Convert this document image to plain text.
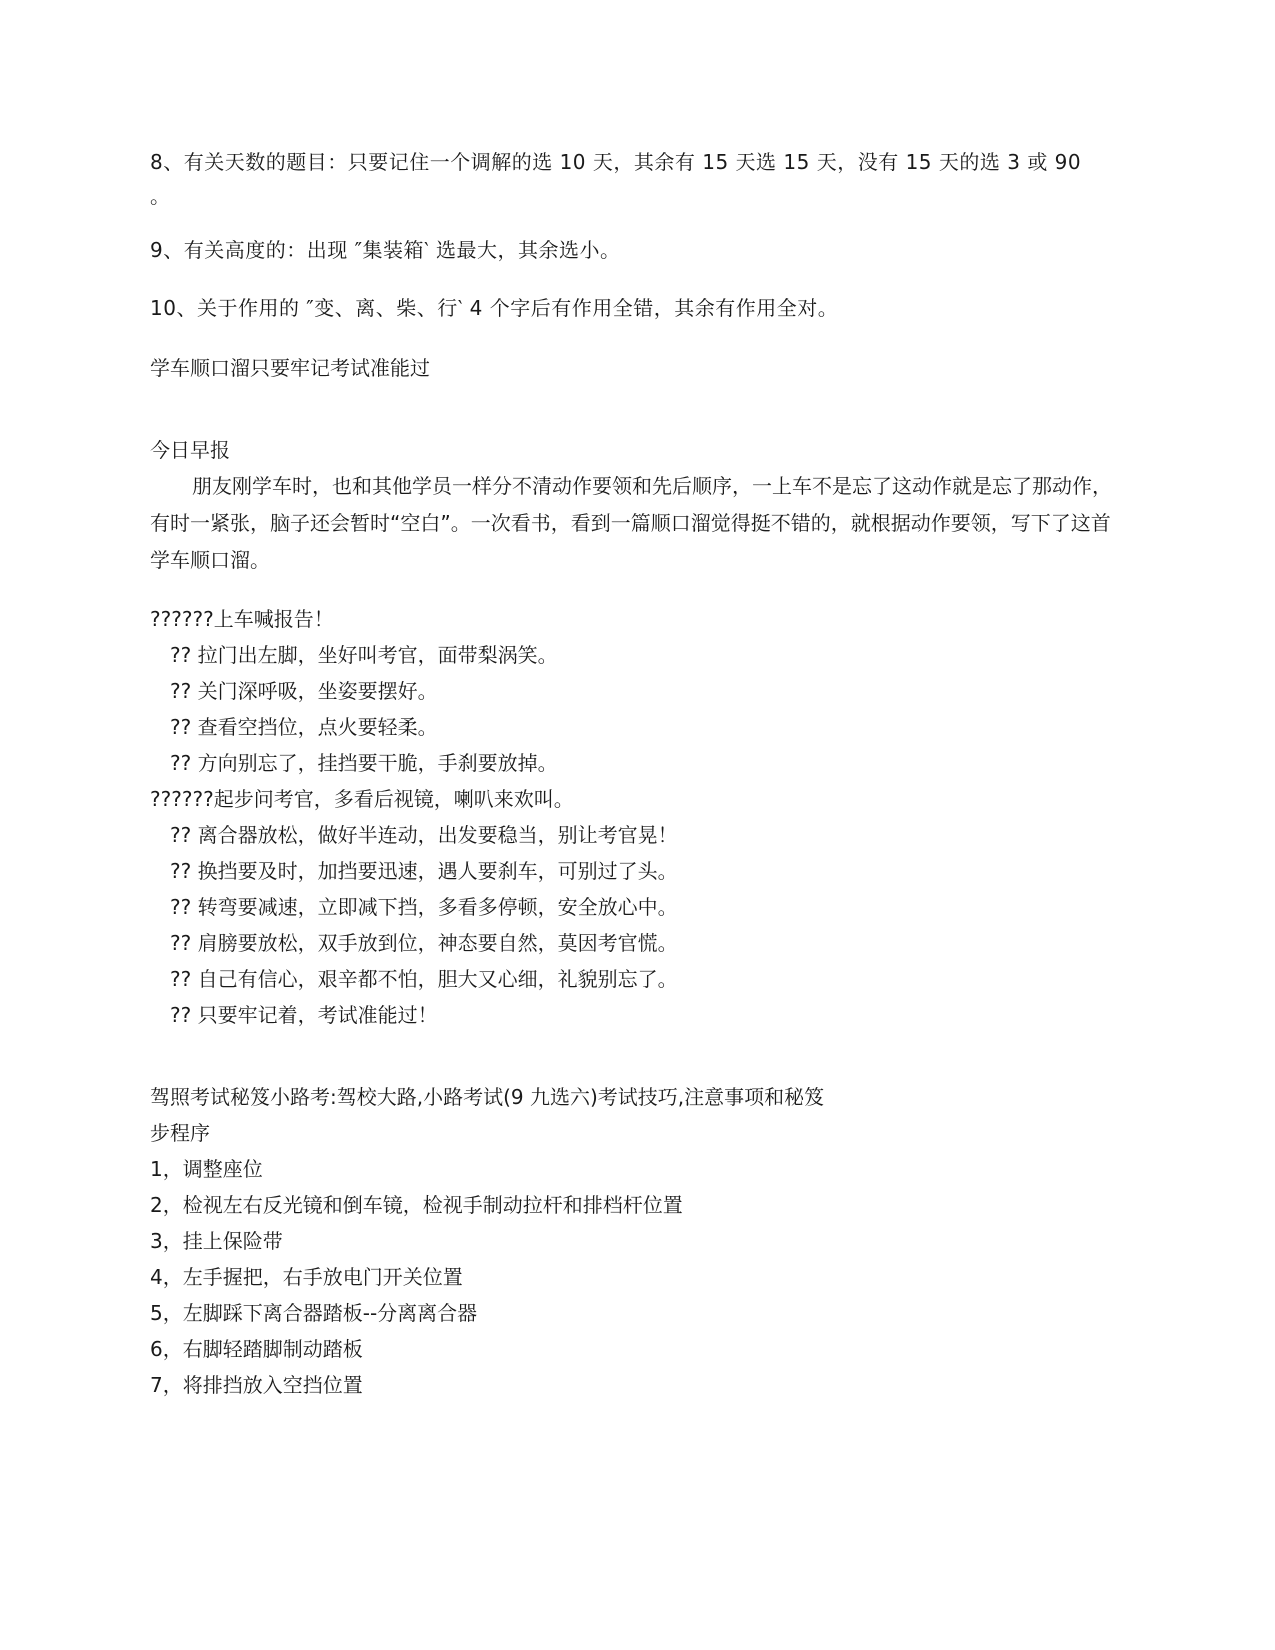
8、有关天数的题目：只要记住一个调解的选 10 天，其余有 15 天选 15 天，没有 15 天的选 3 或 90

。

9、有关高度的：出现 ″集装箱‵ 选最大，其余选小。

10、关于作用的 ″变、离、柴、行‵ 4 个字后有作用全错，其余有作用全对。

学车顺口溜只要牢记考试准能过

今日早报

朋友刚学车时，也和其他学员一样分不清动作要领和先后顺序，一上车不是忘了这动作就是忘了那动作，有时一紧张，脑子还会暂时“空白”。一次看书，看到一篇顺口溜觉得挺不错的，就根据动作要领，写下了这首学车顺口溜。

??????上车喊报告！

?? 拉门出左脚，坐好叫考官，面带梨涡笑。

?? 关门深呼吸，坐姿要摆好。

?? 查看空挡位，点火要轻柔。

?? 方向别忘了，挂挡要干脆，手刹要放掉。

??????起步问考官，多看后视镜，喇叭来欢叫。

?? 离合器放松，做好半连动，出发要稳当，别让考官晃！

?? 换挡要及时，加挡要迅速，遇人要刹车，可别过了头。

?? 转弯要减速，立即减下挡，多看多停顿，安全放心中。

?? 肩膀要放松，双手放到位，神态要自然，莫因考官慌。

?? 自己有信心，艰辛都不怕，胆大又心细，礼貌别忘了。

?? 只要牢记着，考试准能过！

驾照考试秘笈小路考:驾校大路,小路考试(9 九选六)考试技巧,注意事项和秘笈

步程序

1，调整座位

2，检视左右反光镜和倒车镜，检视手制动拉杆和排档杆位置

3，挂上保险带

4，左手握把，右手放电门开关位置

5，左脚踩下离合器踏板--分离离合器

6，右脚轻踏脚制动踏板

7，将排挡放入空挡位置
